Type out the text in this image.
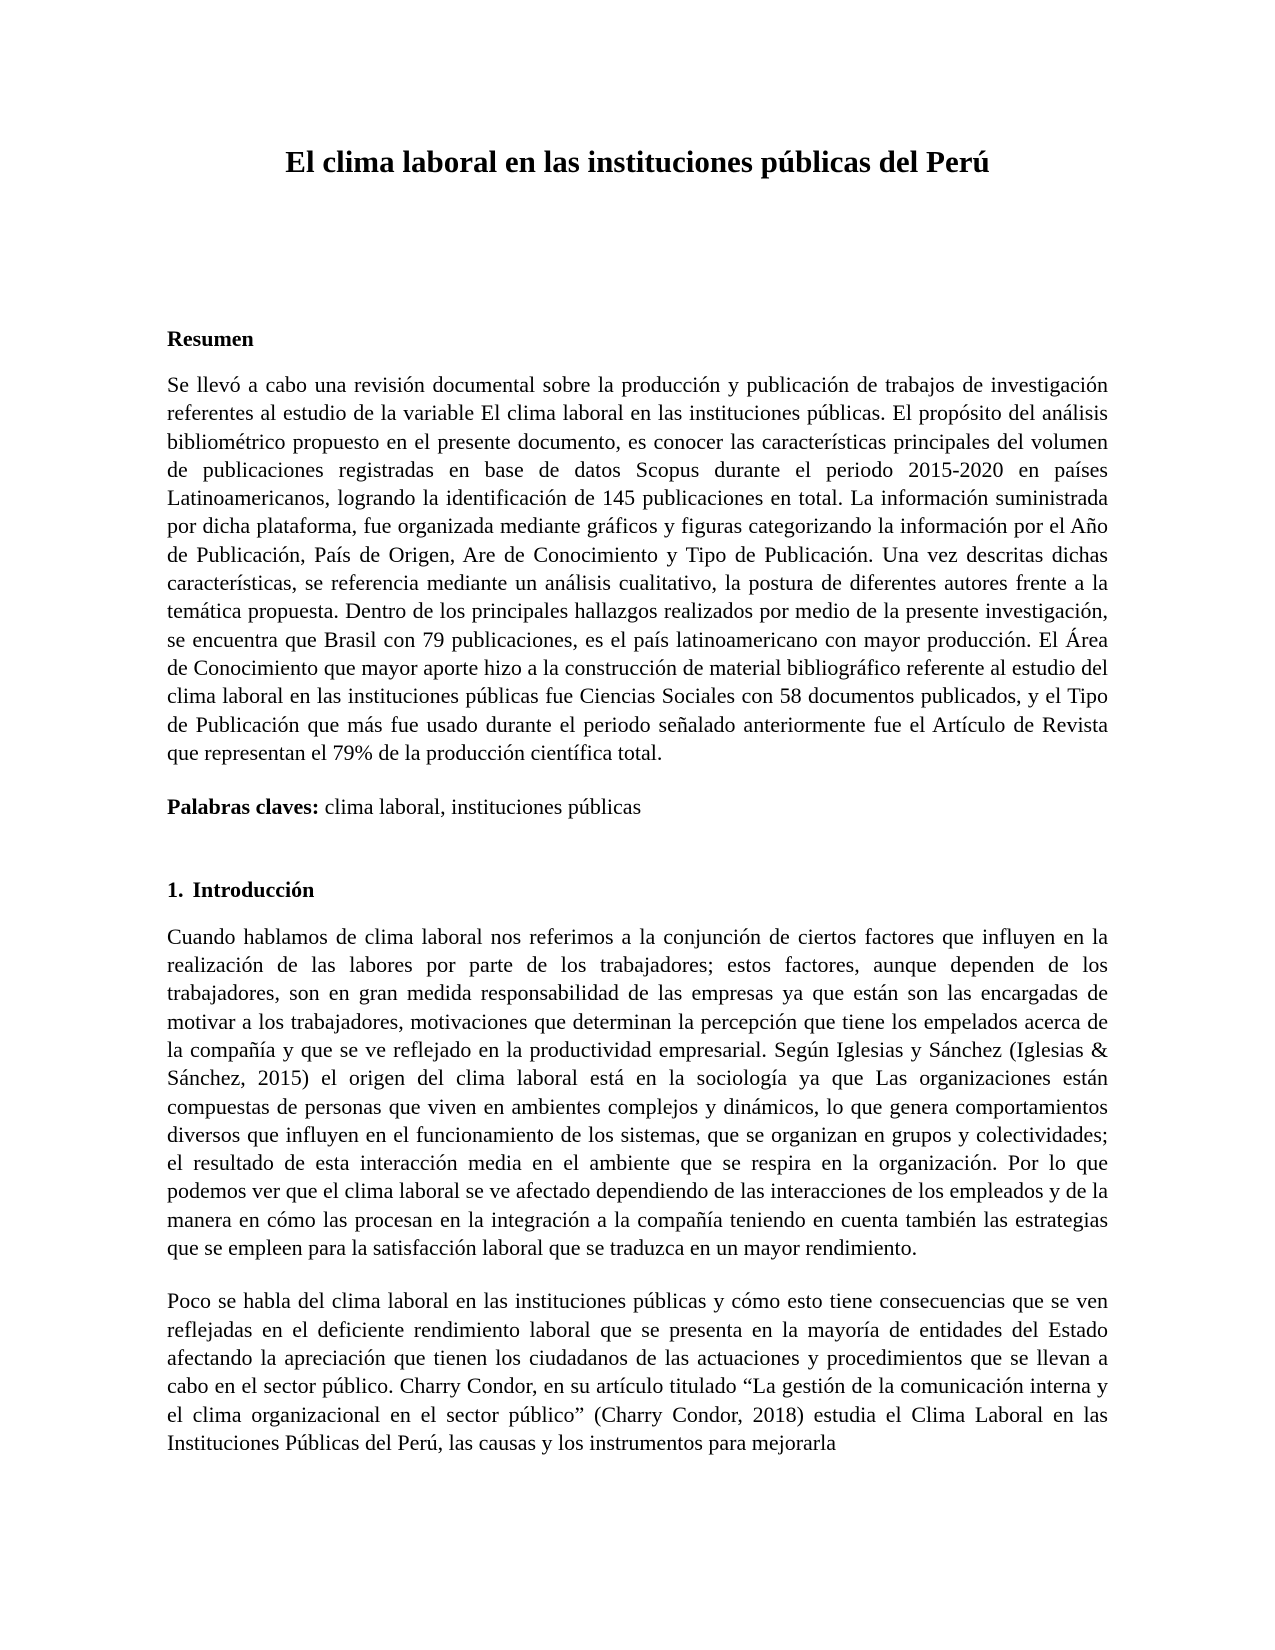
El clima laboral en las instituciones públicas del Perú
Resumen

Se llevó a cabo una revisión documental sobre la producción y publicación de trabajos de investigación referentes al estudio de la variable El clima laboral en las instituciones públicas. El propósito del análisis bibliométrico propuesto en el presente documento, es conocer las características principales del volumen de publicaciones registradas en base de datos Scopus durante el periodo 2015-2020 en países Latinoamericanos, logrando la identificación de 145 publicaciones en total. La información suministrada por dicha plataforma, fue organizada mediante gráficos y figuras categorizando la información por el Año de Publicación, País de Origen, Are de Conocimiento y Tipo de Publicación. Una vez descritas dichas características, se referencia mediante un análisis cualitativo, la postura de diferentes autores frente a la temática propuesta. Dentro de los principales hallazgos realizados por medio de la presente investigación, se encuentra que Brasil con 79 publicaciones, es el país latinoamericano con mayor producción. El Área de Conocimiento que mayor aporte hizo a la construcción de material bibliográfico referente al estudio del clima laboral en las instituciones públicas fue Ciencias Sociales con 58 documentos publicados, y el Tipo de Publicación que más fue usado durante el periodo señalado anteriormente fue el Artículo de Revista que representan el 79% de la producción científica total.

Palabras claves: clima laboral, instituciones públicas

1. Introducción

Cuando hablamos de clima laboral nos referimos a la conjunción de ciertos factores que influyen en la realización de las labores por parte de los trabajadores; estos factores, aunque dependen de los trabajadores, son en gran medida responsabilidad de las empresas ya que están son las encargadas de motivar a los trabajadores, motivaciones que determinan la percepción que tiene los empelados acerca de la compañía y que se ve reflejado en la productividad empresarial. Según Iglesias y Sánchez (Iglesias & Sánchez, 2015) el origen del clima laboral está en la sociología ya que Las organizaciones están compuestas de personas que viven en ambientes complejos y dinámicos, lo que genera comportamientos diversos que influyen en el funcionamiento de los sistemas, que se organizan en grupos y colectividades; el resultado de esta interacción media en el ambiente que se respira en la organización. Por lo que podemos ver que el clima laboral se ve afectado dependiendo de las interacciones de los empleados y de la manera en cómo las procesan en la integración a la compañía teniendo en cuenta también las estrategias que se empleen para la satisfacción laboral que se traduzca en un mayor rendimiento.

Poco se habla del clima laboral en las instituciones públicas y cómo esto tiene consecuencias que se ven reflejadas en el deficiente rendimiento laboral que se presenta en la mayoría de entidades del Estado afectando la apreciación que tienen los ciudadanos de las actuaciones y procedimientos que se llevan a cabo en el sector público. Charry Condor, en su artículo titulado “La gestión de la comunicación interna y el clima organizacional en el sector público” (Charry Condor, 2018) estudia el Clima Laboral en las Instituciones Públicas del Perú, las causas y los instrumentos para mejorarla
